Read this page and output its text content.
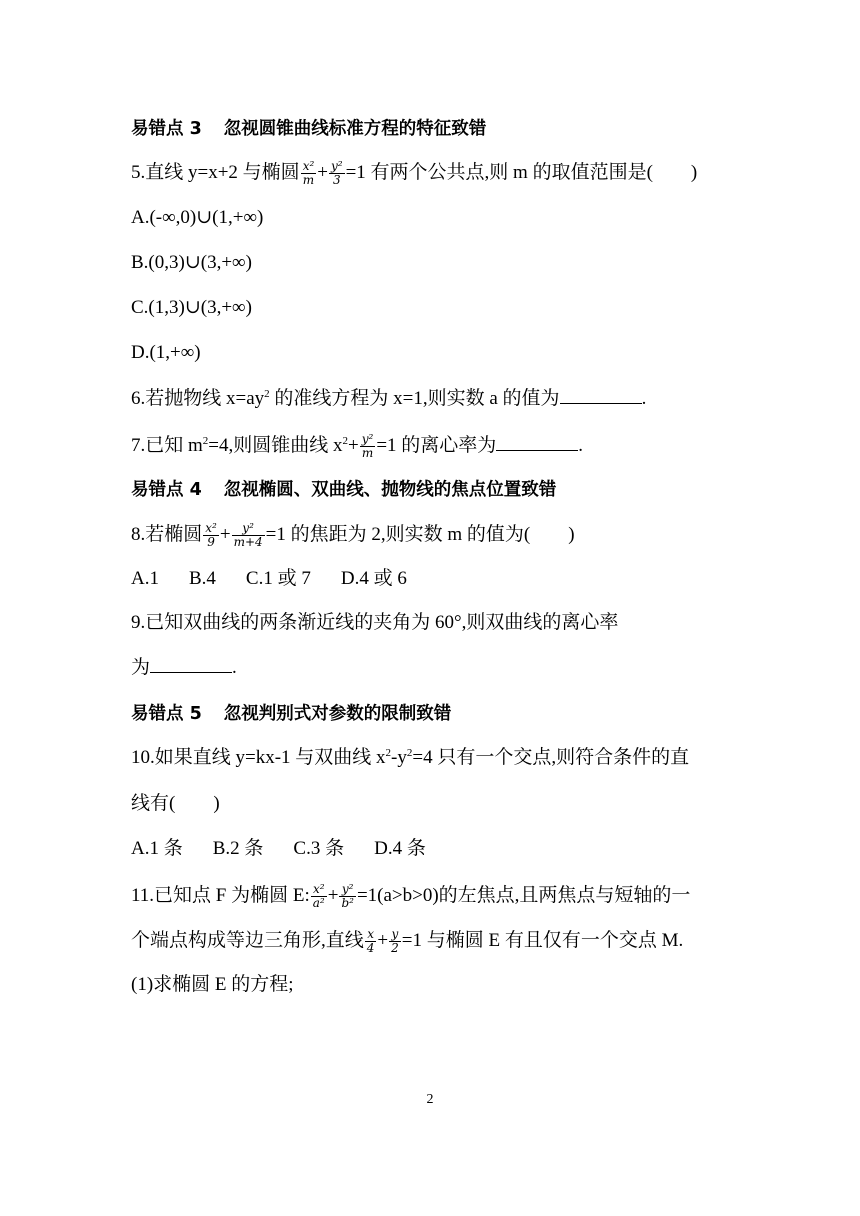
易错点 3 忽视圆锥曲线标准方程的特征致错
5.直线 y=x+2 与椭圆 $\frac{\text{x²}}{m} + \frac{\text{y²}}{3} =1$ 有两个公共点,则 m 的取值范围是(　　)
A.(-∞,0)∪(1,+∞)
B.(0,3)∪(3,+∞)
C.(1,3)∪(3,+∞)
D.(1,+∞)
6.若抛物线 $x=ay^2$ 的准线方程为 x=1,则实数 a 的值为	.
7.已知 $m^2=4$,则圆锥曲线 $x^2+ \frac{\text{y²}}{m} =1$ 的离心率为	.
易错点 4 忽视椭圆、双曲线、抛物线的焦点位置致错
8.若椭圆 $\frac{\text{x²}}{9} + \frac{\text{y²}}{m+4} =1$ 的焦距为 2,则实数 m 的值为(　　)
A.1 B.4 C.1 或 7 D.4 或 6
9.已知双曲线的两条渐近线的夹角为 60°,则双曲线的离心率
为	.
易错点 5 忽视判别式对参数的限制致错
10.如果直线 y=kx-1 与双曲线 $x^2-y^2=4$ 只有一个交点,则符合条件的直
线有(　　)
A.1 条 B.2 条 C.3 条 D.4 条
11.已知点 F 为椭圆 E: $\frac{\text{x²}}{\text{a²}} + \frac{\text{y²}}{\text{b²}} =1(a>b>0)$的左焦点,且两焦点与短轴的一
个端点构成等边三角形,直线 $\frac{x}{4} + \frac{y}{2} =1$ 与椭圆 E 有且仅有一个交点 M.
(1)求椭圆 E 的方程;
2
